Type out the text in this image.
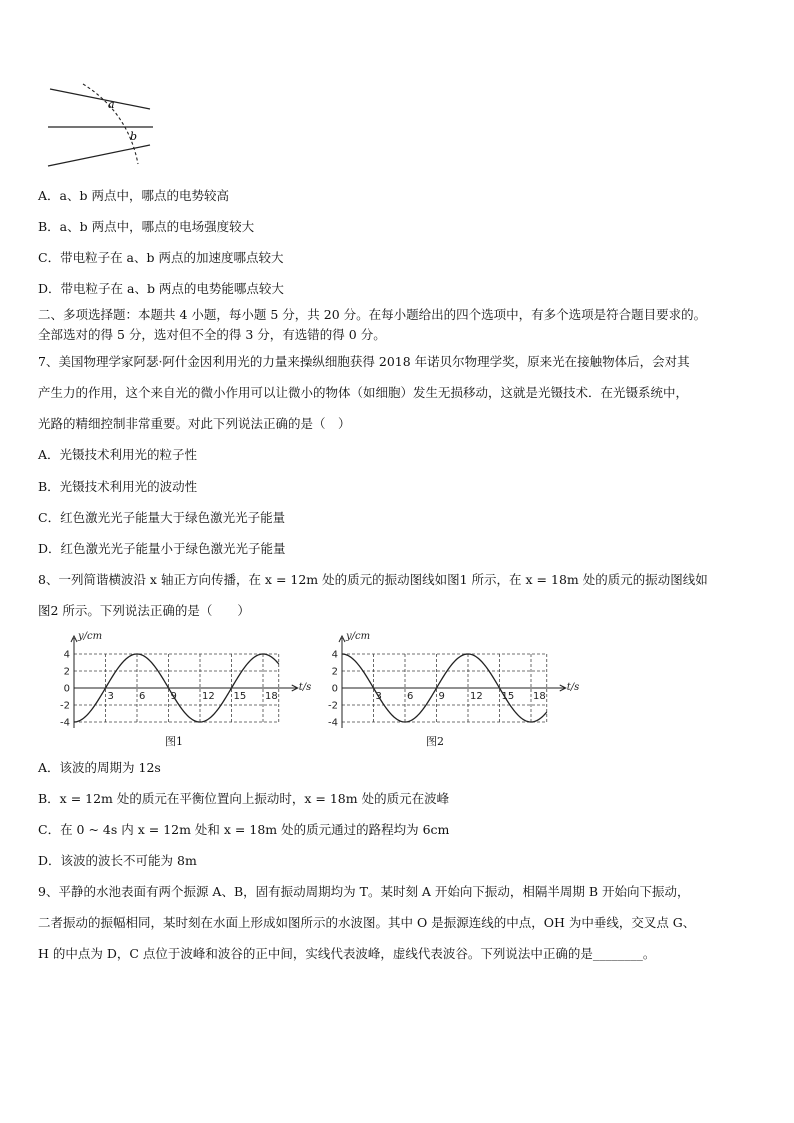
a
b
A．a、b 两点中，哪点的电势较高
B．a、b 两点中，哪点的电场强度较大
C．带电粒子在 a、b 两点的加速度哪点较大
D．带电粒子在 a、b 两点的电势能哪点较大
二、多项选择题：本题共 4 小题，每小题 5 分，共 20 分。在每小题给出的四个选项中，有多个选项是符合题目要求的。
全部选对的得 5 分，选对但不全的得 3 分，有选错的得 0 分。
7、美国物理学家阿瑟·阿什金因利用光的力量来操纵细胞获得 2018 年诺贝尔物理学奖，原来光在接触物体后，会对其
产生力的作用，这个来自光的微小作用可以让微小的物体（如细胞）发生无损移动，这就是光镊技术．在光镊系统中，
光路的精细控制非常重要。对此下列说法正确的是（　）
A．光镊技术利用光的粒子性
B．光镊技术利用光的波动性
C．红色激光光子能量大于绿色激光光子能量
D．红色激光光子能量小于绿色激光光子能量
8、一列简谐横波沿 x 轴正方向传播，在 x = 12m 处的质元的振动图线如图1 所示，在 x = 18m 处的质元的振动图线如
图2 所示。下列说法正确的是（　　）
y/cm
t/s
4
2
0
-2
-4
3	6	9	12 15 18
y/cm
t/s
4
2
0
-2
-4
3	6	9	12 15 18
图1	图2
A．该波的周期为 12s
B．x = 12m 处的质元在平衡位置向上振动时，x = 18m 处的质元在波峰
C．在 0 ~ 4s 内 x = 12m 处和 x = 18m 处的质元通过的路程均为 6cm
D．该波的波长不可能为 8m
9、平静的水池表面有两个振源 A、B，固有振动周期均为 T。某时刻 A 开始向下振动，相隔半周期 B 开始向下振动，
二者振动的振幅相同，某时刻在水面上形成如图所示的水波图。其中 O 是振源连线的中点，OH 为中垂线，交叉点 G、
H 的中点为 D，C 点位于波峰和波谷的正中间，实线代表波峰，虚线代表波谷。下列说法中正确的是________。
